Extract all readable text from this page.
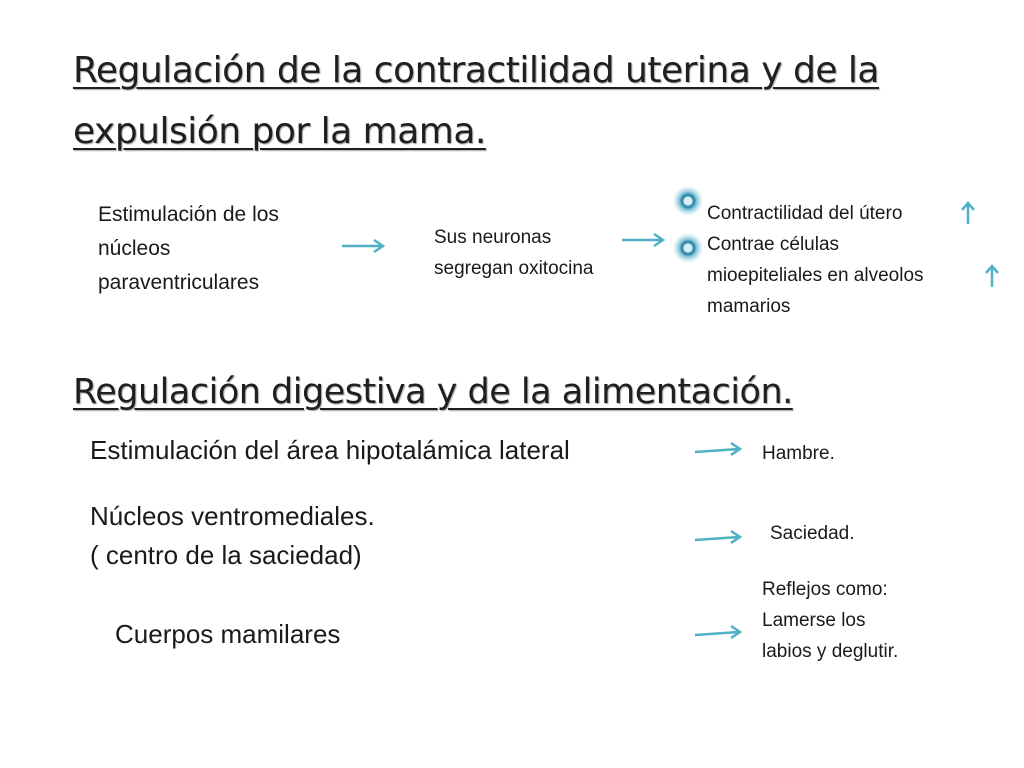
Regulación de la contractilidad uterina y de la
expulsión por la mama.
Estimulación de los
núcleos
paraventriculares
Sus neuronas
segregan oxitocina
Contractilidad del útero
Contrae células
mioepiteliales en alveolos
mamarios
Regulación digestiva y de la alimentación.
Estimulación del área hipotalámica lateral	Hambre.
Núcleos ventromediales.
( centro de la saciedad)
Saciedad.
Cuerpos mamilares
Reflejos como:
Lamerse los
labios y deglutir.
